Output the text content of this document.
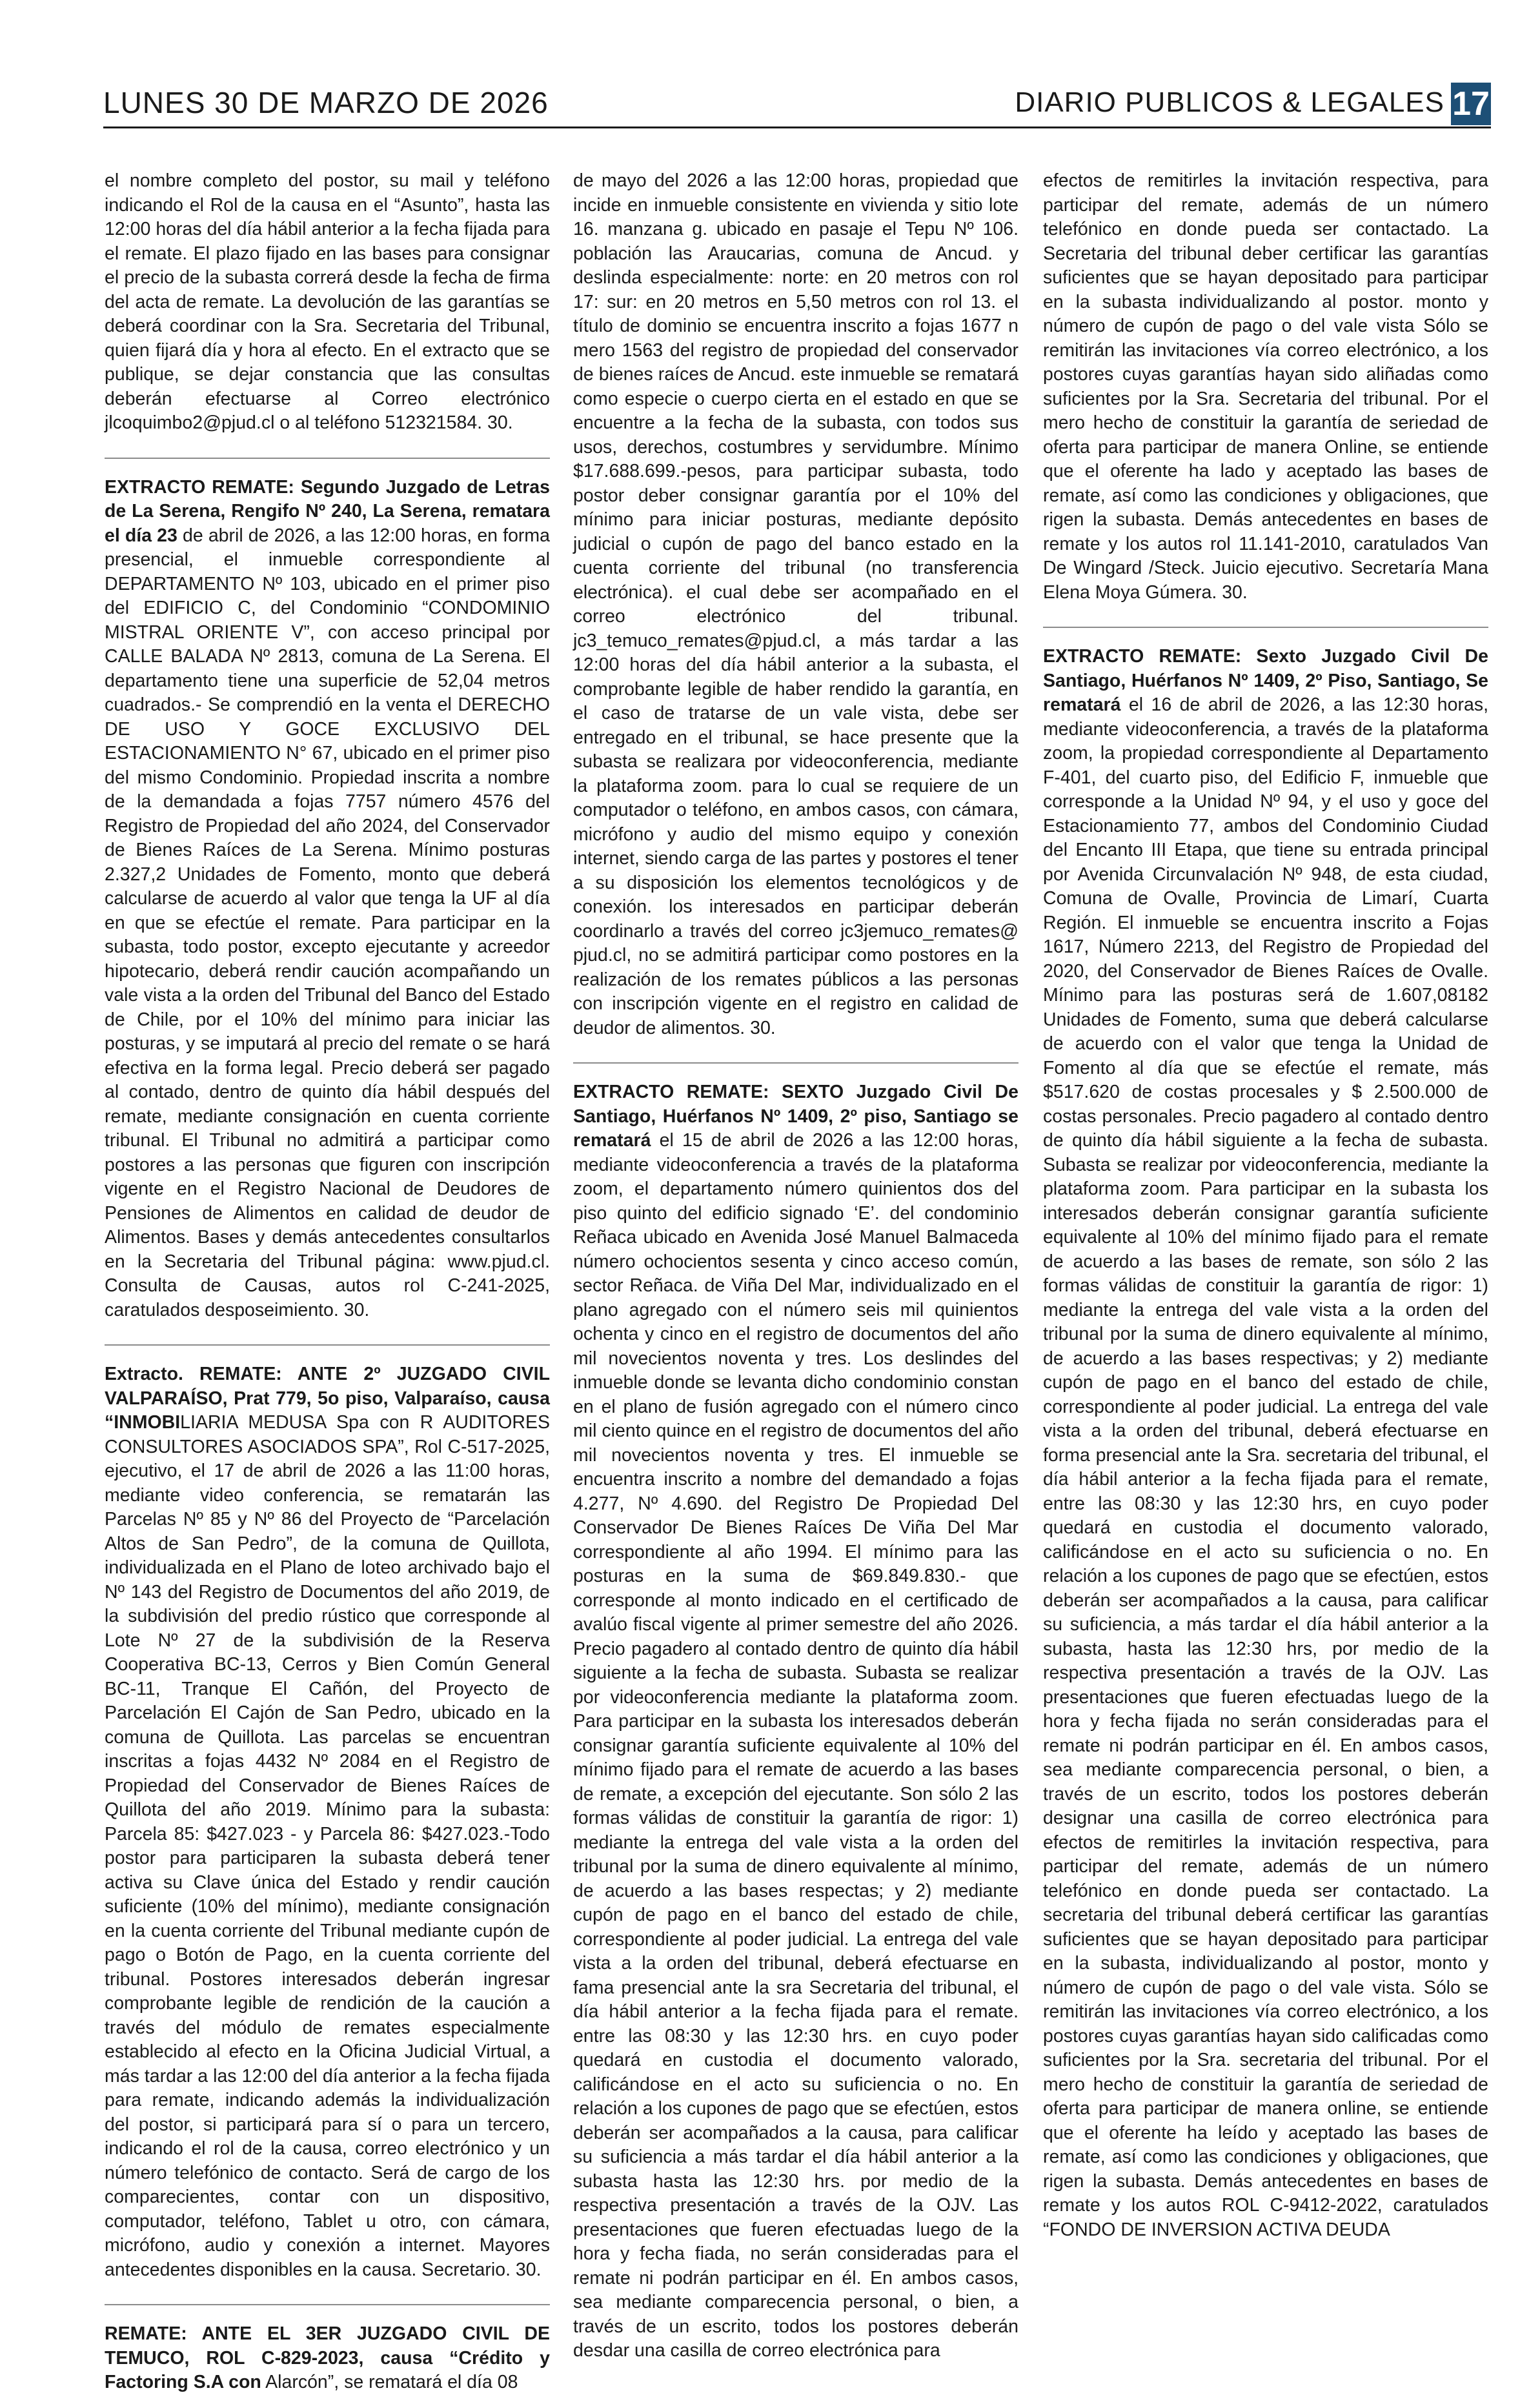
LUNES 30 DE MARZO DE 2026	DIARIO PUBLICOS & LEGALES 17

el nombre completo del postor, su mail y teléfono indicando el Rol de la causa en el “Asunto”, hasta las 12:00 horas del día hábil anterior a la fecha fijada para el remate. El plazo fijado en las bases para consignar el precio de la subasta correrá desde la fecha de firma del acta de remate. La devolución de las garantías se deberá coordinar con la Sra. Secretaria del Tribunal, quien fijará día y hora al efecto. En el extracto que se publique, se dejar constancia que las consultas deberán efectuarse al Correo electrónico jlcoquimbo2@pjud.cl o al teléfono 512321584. 30.

EXTRACTO REMATE: Segundo Juzgado de Letras de La Serena, Rengifo Nº 240, La Serena, rematara el día 23 de abril de 2026, a las 12:00 horas, en forma presencial, el inmueble correspondiente al DEPARTAMENTO Nº 103, ubicado en el primer piso del EDIFICIO C, del Condominio “CONDOMINIO MISTRAL ORIENTE V”, con acceso principal por CALLE BALADA Nº 2813, comuna de La Serena. El departamento tiene una superficie de 52,04 metros cuadrados.- Se comprendió en la venta el DERECHO DE USO Y GOCE EXCLUSIVO DEL ESTACIONAMIENTO N° 67, ubicado en el primer piso del mismo Condominio. Propiedad inscrita a nombre de la demandada a fojas 7757 número 4576 del Registro de Propiedad del año 2024, del Conservador de Bienes Raíces de La Serena. Mínimo posturas 2.327,2 Unidades de Fomento, monto que deberá calcularse de acuerdo al valor que tenga la UF al día en que se efectúe el remate. Para participar en la subasta, todo postor, excepto ejecutante y acreedor hipotecario, deberá rendir caución acompañando un vale vista a la orden del Tribunal del Banco del Estado de Chile, por el 10% del mínimo para iniciar las posturas, y se imputará al precio del remate o se hará efectiva en la forma legal. Precio deberá ser pagado al contado, dentro de quinto día hábil después del remate, mediante consignación en cuenta corriente tribunal. El Tribunal no admitirá a participar como postores a las personas que figuren con inscripción vigente en el Registro Nacional de Deudores de Pensiones de Alimentos en calidad de deudor de Alimentos. Bases y demás antecedentes consultarlos en la Secretaria del Tribunal página: www.pjud.cl. Consulta de Causas, autos rol C-241-2025, caratulados desposeimiento. 30.

Extracto. REMATE: ANTE 2º JUZGADO CIVIL VALPARAÍSO, Prat 779, 5o piso, Valparaíso, causa “INMOBILIARIA MEDUSA Spa con R AUDITORES CONSULTORES ASOCIADOS SPA”, Rol C-517-2025, ejecutivo, el 17 de abril de 2026 a las 11:00 horas, mediante video conferencia, se rematarán las Parcelas Nº 85 y Nº 86 del Proyecto de “Parcelación Altos de San Pedro”, de la comuna de Quillota, individualizada en el Plano de loteo archivado bajo el Nº 143 del Registro de Documentos del año 2019, de la subdivisión del predio rústico que corresponde al Lote Nº 27 de la subdivisión de la Reserva Cooperativa BC-13, Cerros y Bien Común General BC-11, Tranque El Cañón, del Proyecto de Parcelación El Cajón de San Pedro, ubicado en la comuna de Quillota. Las parcelas se encuentran inscritas a fojas 4432 Nº 2084 en el Registro de Propiedad del Conservador de Bienes Raíces de Quillota del año 2019. Mínimo para la subasta: Parcela 85: $427.023 - y Parcela 86: $427.023.-Todo postor para participaren la subasta deberá tener activa su Clave única del Estado y rendir caución suficiente (10% del mínimo), mediante consignación en la cuenta corriente del Tribunal mediante cupón de pago o Botón de Pago, en la cuenta corriente del tribunal. Postores interesados deberán ingresar comprobante legible de rendición de la caución a través del módulo de remates especialmente establecido al efecto en la Oficina Judicial Virtual, a más tardar a las 12:00 del día anterior a la fecha fijada para remate, indicando además la individualización del postor, si participará para sí o para un tercero, indicando el rol de la causa, correo electrónico y un número telefónico de contacto. Será de cargo de los comparecientes, contar con un dispositivo, computador, teléfono, Tablet u otro, con cámara, micrófono, audio y conexión a internet. Mayores antecedentes disponibles en la causa. Secretario. 30.

REMATE: ANTE EL 3ER JUZGADO CIVIL DE TEMUCO, ROL C-829-2023, causa “Crédito y Factoring S.A con Alarcón”, se rematará el día 08

de mayo del 2026 a las 12:00 horas, propiedad que incide en inmueble consistente en vivienda y sitio lote 16. manzana g. ubicado en pasaje el Tepu Nº 106. población las Araucarias, comuna de Ancud. y deslinda especialmente: norte: en 20 metros con rol 17: sur: en 20 metros en 5,50 metros con rol 13. el título de dominio se encuentra inscrito a fojas 1677 n mero 1563 del registro de propiedad del conservador de bienes raíces de Ancud. este inmueble se rematará como especie o cuerpo cierta en el estado en que se encuentre a la fecha de la subasta, con todos sus usos, derechos, costumbres y servidumbre. Mínimo $17.688.699.-pesos, para participar subasta, todo postor deber consignar garantía por el 10% del mínimo para iniciar posturas, mediante depósito judicial o cupón de pago del banco estado en la cuenta corriente del tribunal (no transferencia electrónica). el cual debe ser acompañado en el correo electrónico del tribunal. jc3_temuco_remates@pjud.cl, a más tardar a las 12:00 horas del día hábil anterior a la subasta, el comprobante legible de haber rendido la garantía, en el caso de tratarse de un vale vista, debe ser entregado en el tribunal, se hace presente que la subasta se realizara por videoconferencia, mediante la plataforma zoom. para lo cual se requiere de un computador o teléfono, en ambos casos, con cámara, micrófono y audio del mismo equipo y conexión internet, siendo carga de las partes y postores el tener a su disposición los elementos tecnológicos y de conexión. los interesados en participar deberán coordinarlo a través del correo jc3jemuco_remates@ pjud.cl, no se admitirá participar como postores en la realización de los remates públicos a las personas con inscripción vigente en el registro en calidad de deudor de alimentos. 30.

EXTRACTO REMATE: SEXTO Juzgado Civil De Santiago, Huérfanos Nº 1409, 2º piso, Santiago se rematará el 15 de abril de 2026 a las 12:00 horas, mediante videoconferencia a través de la plataforma zoom, el departamento número quinientos dos del piso quinto del edificio signado ‘E’. del condominio Reñaca ubicado en Avenida José Manuel Balmaceda número ochocientos sesenta y cinco acceso común, sector Reñaca. de Viña Del Mar, individualizado en el plano agregado con el número seis mil quinientos ochenta y cinco en el registro de documentos del año mil novecientos noventa y tres. Los deslindes del inmueble donde se levanta dicho condominio constan en el plano de fusión agregado con el número cinco mil ciento quince en el registro de documentos del año mil novecientos noventa y tres. El inmueble se encuentra inscrito a nombre del demandado a fojas 4.277, Nº 4.690. del Registro De Propiedad Del Conservador De Bienes Raíces De Viña Del Mar correspondiente al año 1994. El mínimo para las posturas en la suma de $69.849.830.- que corresponde al monto indicado en el certificado de avalúo fiscal vigente al primer semestre del año 2026. Precio pagadero al contado dentro de quinto día hábil siguiente a la fecha de subasta. Subasta se realizar por videoconferencia mediante la plataforma zoom. Para participar en la subasta los interesados deberán consignar garantía suficiente equivalente al 10% del mínimo fijado para el remate de acuerdo a las bases de remate, a excepción del ejecutante. Son sólo 2 las formas válidas de constituir la garantía de rigor: 1) mediante la entrega del vale vista a la orden del tribunal por la suma de dinero equivalente al mínimo, de acuerdo a las bases respectas; y 2) mediante cupón de pago en el banco del estado de chile, correspondiente al poder judicial. La entrega del vale vista a la orden del tribunal, deberá efectuarse en fama presencial ante la sra Secretaria del tribunal, el día hábil anterior a la fecha fijada para el remate. entre las 08:30 y las 12:30 hrs. en cuyo poder quedará en custodia el documento valorado, calificándose en el acto su suficiencia o no. En relación a los cupones de pago que se efectúen, estos deberán ser acompañados a la causa, para calificar su suficiencia a más tardar el día hábil anterior a la subasta hasta las 12:30 hrs. por medio de la respectiva presentación a través de la OJV. Las presentaciones que fueren efectuadas luego de la hora y fecha fiada, no serán consideradas para el remate ni podrán participar en él. En ambos casos, sea mediante comparecencia personal, o bien, a través de un escrito, todos los postores deberán desdar una casilla de correo electrónica para

efectos de remitirles la invitación respectiva, para participar del remate, además de un número telefónico en donde pueda ser contactado. La Secretaria del tribunal deber certificar las garantías suficientes que se hayan depositado para participar en la subasta individualizando al postor. monto y número de cupón de pago o del vale vista Sólo se remitirán las invitaciones vía correo electrónico, a los postores cuyas garantías hayan sido aliñadas como suficientes por la Sra. Secretaria del tribunal. Por el mero hecho de constituir la garantía de seriedad de oferta para participar de manera Online, se entiende que el oferente ha lado y aceptado las bases de remate, así como las condiciones y obligaciones, que rigen la subasta. Demás antecedentes en bases de remate y los autos rol 11.141-2010, caratulados Van De Wingard /Steck. Juicio ejecutivo. Secretaría Mana Elena Moya Gúmera. 30.

EXTRACTO REMATE: Sexto Juzgado Civil De Santiago, Huérfanos Nº 1409, 2º Piso, Santiago, Se rematará el 16 de abril de 2026, a las 12:30 horas, mediante videoconferencia, a través de la plataforma zoom, la propiedad correspondiente al Departamento F-401, del cuarto piso, del Edificio F, inmueble que corresponde a la Unidad Nº 94, y el uso y goce del Estacionamiento 77, ambos del Condominio Ciudad del Encanto III Etapa, que tiene su entrada principal por Avenida Circunvalación Nº 948, de esta ciudad, Comuna de Ovalle, Provincia de Limarí, Cuarta Región. El inmueble se encuentra inscrito a Fojas 1617, Número 2213, del Registro de Propiedad del 2020, del Conservador de Bienes Raíces de Ovalle. Mínimo para las posturas será de 1.607,08182 Unidades de Fomento, suma que deberá calcularse de acuerdo con el valor que tenga la Unidad de Fomento al día que se efectúe el remate, más $517.620 de costas procesales y $ 2.500.000 de costas personales. Precio pagadero al contado dentro de quinto día hábil siguiente a la fecha de subasta. Subasta se realizar por videoconferencia, mediante la plataforma zoom. Para participar en la subasta los interesados deberán consignar garantía suficiente equivalente al 10% del mínimo fijado para el remate de acuerdo a las bases de remate, son sólo 2 las formas válidas de constituir la garantía de rigor: 1) mediante la entrega del vale vista a la orden del tribunal por la suma de dinero equivalente al mínimo, de acuerdo a las bases respectivas; y 2) mediante cupón de pago en el banco del estado de chile, correspondiente al poder judicial. La entrega del vale vista a la orden del tribunal, deberá efectuarse en forma presencial ante la Sra. secretaria del tribunal, el día hábil anterior a la fecha fijada para el remate, entre las 08:30 y las 12:30 hrs, en cuyo poder quedará en custodia el documento valorado, calificándose en el acto su suficiencia o no. En relación a los cupones de pago que se efectúen, estos deberán ser acompañados a la causa, para calificar su suficiencia, a más tardar el día hábil anterior a la subasta, hasta las 12:30 hrs, por medio de la respectiva presentación a través de la OJV. Las presentaciones que fueren efectuadas luego de la hora y fecha fijada no serán consideradas para el remate ni podrán participar en él. En ambos casos, sea mediante comparecencia personal, o bien, a través de un escrito, todos los postores deberán designar una casilla de correo electrónica para efectos de remitirles la invitación respectiva, para participar del remate, además de un número telefónico en donde pueda ser contactado. La secretaria del tribunal deberá certificar las garantías suficientes que se hayan depositado para participar en la subasta, individualizando al postor, monto y número de cupón de pago o del vale vista. Sólo se remitirán las invitaciones vía correo electrónico, a los postores cuyas garantías hayan sido calificadas como suficientes por la Sra. secretaria del tribunal. Por el mero hecho de constituir la garantía de seriedad de oferta para participar de manera online, se entiende que el oferente ha leído y aceptado las bases de remate, así como las condiciones y obligaciones, que rigen la subasta. Demás antecedentes en bases de remate y los autos ROL C-9412-2022, caratulados “FONDO DE INVERSION ACTIVA DEUDA
